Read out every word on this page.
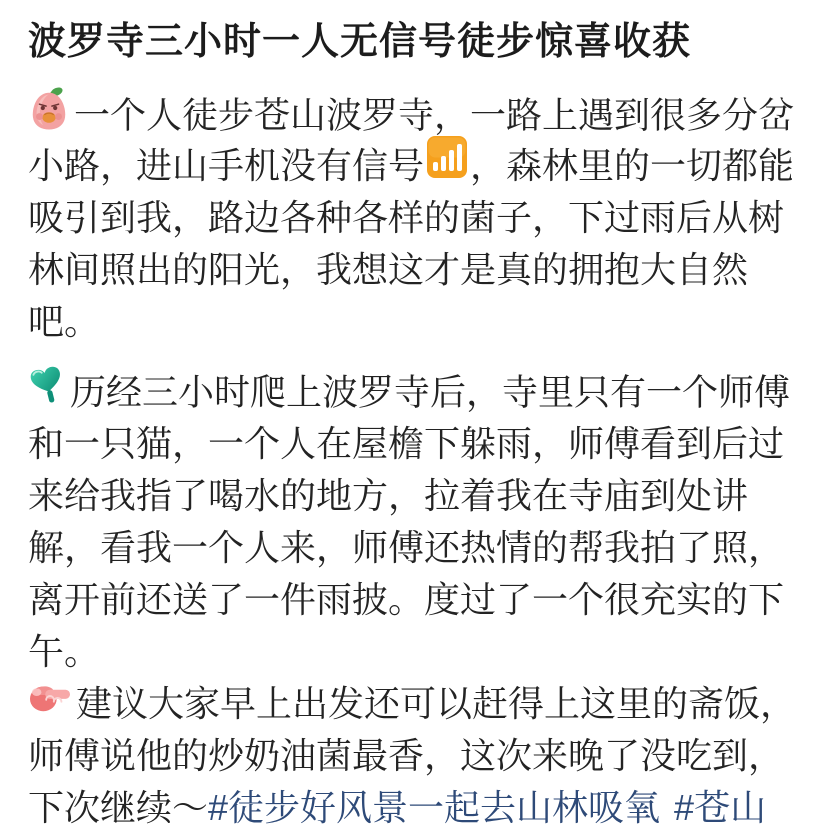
波罗寺三小时一人无信号徒步惊喜收获
一个人徒步苍山波罗寺，一路上遇到很多分岔
小路，进山手机没有信号 ，森林里的一切都能
吸引到我，路边各种各样的菌子，下过雨后从树
林间照出的阳光，我想这才是真的拥抱大自然
吧。
历经三小时爬上波罗寺后，寺里只有一个师傅
和一只猫，一个人在屋檐下躲雨，师傅看到后过
来给我指了喝水的地方，拉着我在寺庙到处讲
解，看我一个人来，师傅还热情的帮我拍了照，
离开前还送了一件雨披。度过了一个很充实的下
午。
建议大家早上出发还可以赶得上这里的斋饭，
师傅说他的炒奶油菌最香，这次来晚了没吃到，
下次继续～#徒步好风景一起去山林吸氧 #苍山
